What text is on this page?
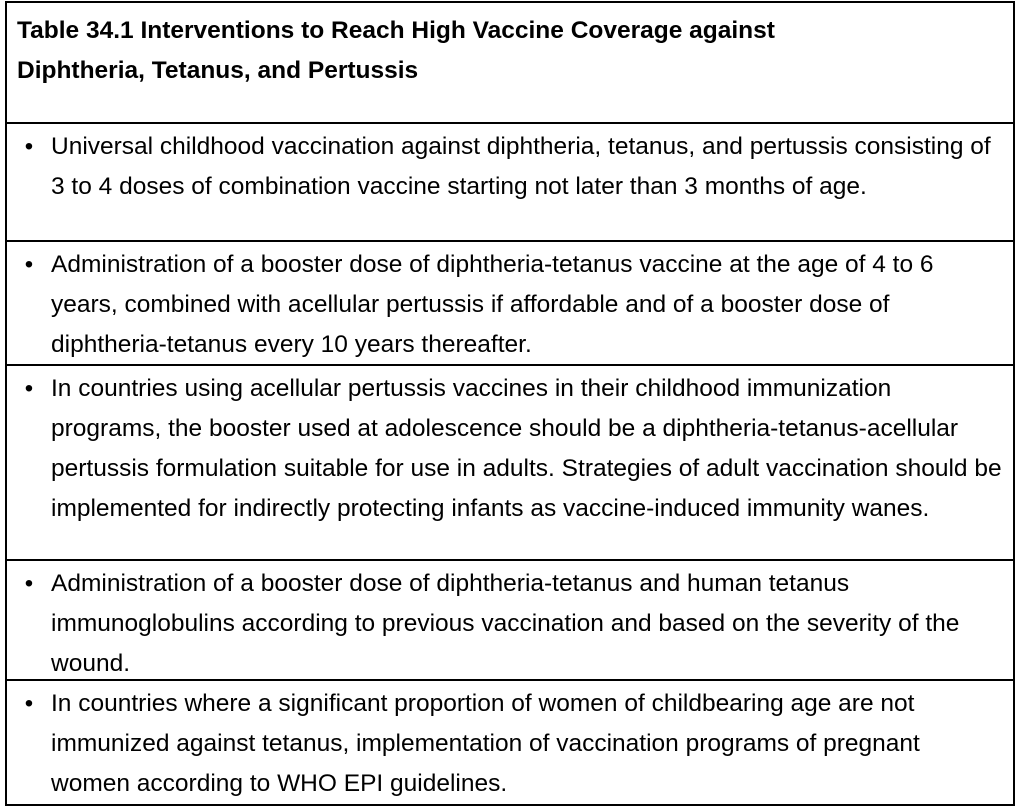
Table 34.1 Interventions to Reach High Vaccine Coverage against
Diphtheria, Tetanus, and Pertussis

• Universal childhood vaccination against diphtheria, tetanus, and pertussis consisting of 3 to 4 doses of combination vaccine starting not later than 3 months of age.
• Administration of a booster dose of diphtheria-tetanus vaccine at the age of 4 to 6 years, combined with acellular pertussis if affordable and of a booster dose of diphtheria-tetanus every 10 years thereafter.
• In countries using acellular pertussis vaccines in their childhood immunization programs, the booster used at adolescence should be a diphtheria-tetanus-acellular pertussis formulation suitable for use in adults. Strategies of adult vaccination should be implemented for indirectly protecting infants as vaccine-induced immunity wanes.
• Administration of a booster dose of diphtheria-tetanus and human tetanus immunoglobulins according to previous vaccination and based on the severity of the wound.
• In countries where a significant proportion of women of childbearing age are not immunized against tetanus, implementation of vaccination programs of pregnant women according to WHO EPI guidelines.
